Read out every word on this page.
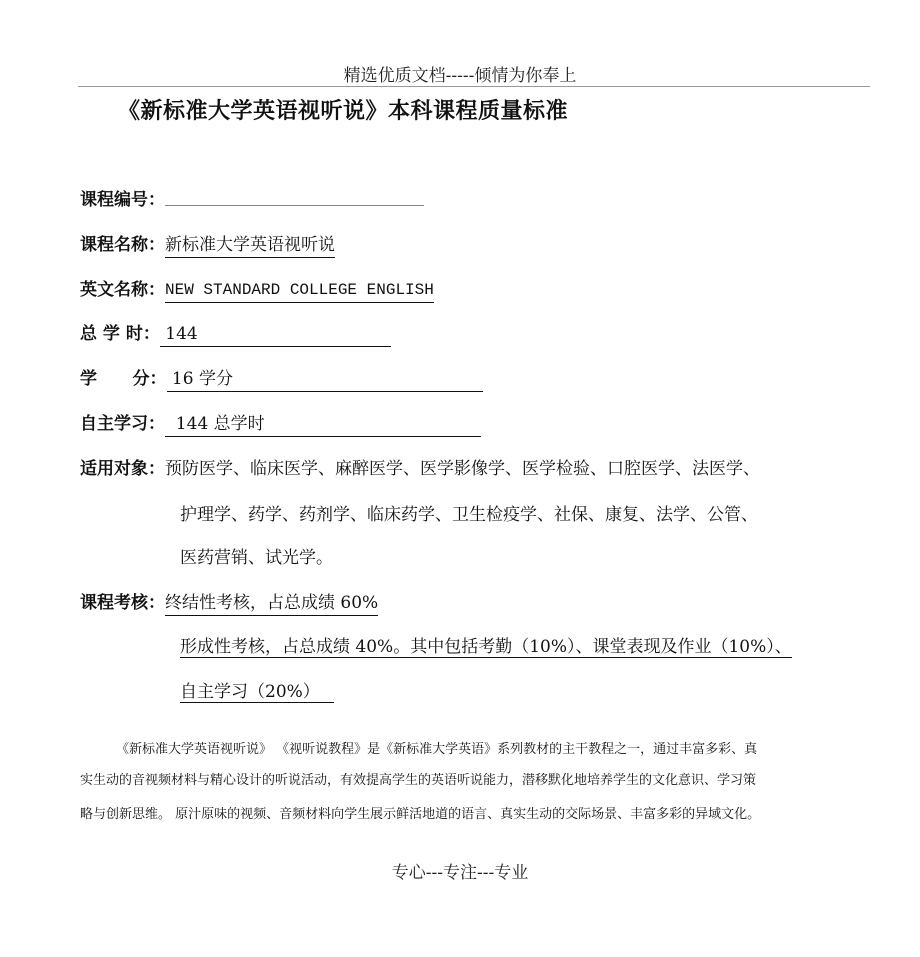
精选优质文档-----倾情为你奉上
《新标准大学英语视听说》本科课程质量标准
课程编号：
课程名称：新标准大学英语视听说
英文名称：NEW STANDARD COLLEGE ENGLISH
总 学 时： 144
学      分： 16 学分
自主学习：  144 总学时
适用对象：预防医学、临床医学、麻醉医学、医学影像学、医学检验、口腔医学、法医学、
护理学、药学、药剂学、临床药学、卫生检疫学、社保、康复、法学、公管、
医药营销、试光学。
课程考核：终结性考核，占总成绩 60%
形成性考核，占总成绩 40%。其中包括考勤（10%）、课堂表现及作业（10%）、
自主学习（20%）
《新标准大学英语视听说》 《视听说教程》是《新标准大学英语》系列教材的主干教程之一，通过丰富多彩、真
实生动的音视频材料与精心设计的听说活动，有效提高学生的英语听说能力，潜移默化地培养学生的文化意识、学习策
略与创新思维。 原汁原味的视频、音频材料向学生展示鲜活地道的语言、真实生动的交际场景、丰富多彩的异域文化。
专心---专注---专业
